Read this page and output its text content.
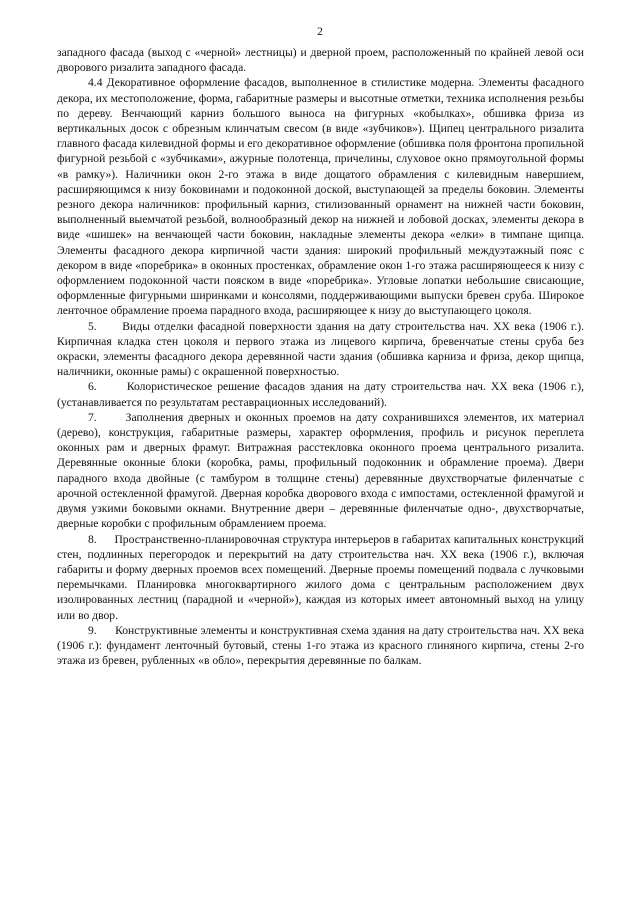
2

западного фасада (выход с «черной» лестницы) и дверной проем, расположенный по крайней левой оси дворового ризалита западного фасада.

4.4 Декоративное оформление фасадов, выполненное в стилистике модерна. Элементы фасадного декора, их местоположение, форма, габаритные размеры и высотные отметки, техника исполнения резьбы по дереву. Венчающий карниз большого выноса на фигурных «кобылках», обшивка фриза из вертикальных досок с обрезным клинчатым свесом (в виде «зубчиков»). Щипец центрального ризалита главного фасада килевидной формы и его декоративное оформление (обшивка поля фронтона пропильной фигурной резьбой с «зубчиками», ажурные полотенца, причелины, слуховое окно прямоугольной формы «в рамку»). Наличники окон 2-го этажа в виде дощатого обрамления с килевидным навершием, расширяющимся к низу боковинами и подоконной доской, выступающей за пределы боковин. Элементы резного декора наличников: профильный карниз, стилизованный орнамент на нижней части боковин, выполненный выемчатой резьбой, волнообразный декор на нижней и лобовой досках, элементы декора в виде «шишек» на венчающей части боковин, накладные элементы декора «елки» в тимпане щипца. Элементы фасадного декора кирпичной части здания: широкий профильный междуэтажный пояс с декором в виде «поребрика» в оконных простенках, обрамление окон 1-го этажа расширяющееся к низу с оформлением подоконной части пояском в виде «поребрика». Угловые лопатки небольшие свисающие, оформленные фигурными ширинками и консолями, поддерживающими выпуски бревен сруба. Широкое ленточное обрамление проема парадного входа, расширяющее к низу до выступающего цоколя.

5.      Виды отделки фасадной поверхности здания на дату строительства нач. XX века (1906 г.). Кирпичная кладка стен цоколя и первого этажа из лицевого кирпича, бревенчатые стены сруба без окраски, элементы фасадного декора деревянной части здания (обшивка карниза и фриза, декор щипца, наличники, оконные рамы) с окрашенной поверхностью.

6.      Колористическое решение фасадов здания на дату строительства нач. XX века (1906 г.), (устанавливается по результатам реставрационных исследований).

7.      Заполнения дверных и оконных проемов на дату сохранившихся элементов, их материал (дерево), конструкция, габаритные размеры, характер оформления, профиль и рисунок переплета оконных рам и дверных фрамуг. Витражная расстекловка оконного проема центрального ризалита. Деревянные оконные блоки (коробка, рамы, профильный подоконник и обрамление проема). Двери парадного входа двойные (с тамбуром в толщине стены) деревянные двухстворчатые филенчатые с арочной остекленной фрамугой. Дверная коробка дворового входа с импостами, остекленной фрамугой и двумя узкими боковыми окнами. Внутренние двери – деревянные филенчатые одно-, двухстворчатые, дверные коробки с профильным обрамлением проема.

8.      Пространственно-планировочная структура интерьеров в габаритах капитальных конструкций стен, подлинных перегородок и перекрытий на дату строительства нач. XX века (1906 г.), включая габариты и форму дверных проемов всех помещений. Дверные проемы помещений подвала с лучковыми перемычками. Планировка многоквартирного жилого дома с центральным расположением двух изолированных лестниц (парадной и «черной»), каждая из которых имеет автономный выход на улицу или во двор.

9.      Конструктивные элементы и конструктивная схема здания на дату строительства нач. XX века (1906 г.): фундамент ленточный бутовый, стены 1-го этажа из красного глиняного кирпича, стены 2-го этажа из бревен, рубленных «в обло», перекрытия деревянные по балкам.
